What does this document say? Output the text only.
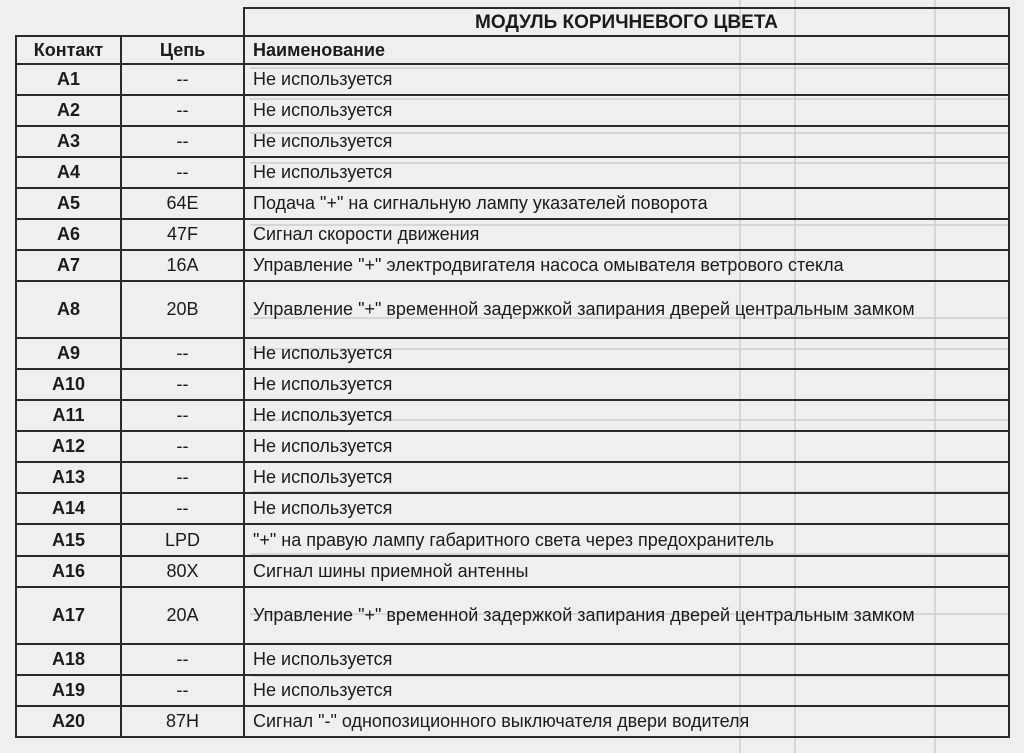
		МОДУЛЬ КОРИЧНЕВОГО ЦВЕТА
Контакт	Цепь	Наименование
A1	--	Не используется
A2	--	Не используется
A3	--	Не используется
A4	--	Не используется
A5	64E	Подача "+" на сигнальную лампу указателей поворота
A6	47F	Сигнал скорости движения
A7	16A	Управление "+" электродвигателя насоса омывателя ветрового стекла
A8	20B	Управление "+" временной задержкой запирания дверей центральным замком
A9	--	Не используется
A10	--	Не используется
A11	--	Не используется
A12	--	Не используется
A13	--	Не используется
A14	--	Не используется
A15	LPD	"+" на правую лампу габаритного света через предохранитель
A16	80X	Сигнал шины приемной антенны
A17	20A	Управление "+" временной задержкой запирания дверей центральным замком
A18	--	Не используется
A19	--	Не используется
A20	87H	Сигнал "-" однопозиционного выключателя двери водителя
